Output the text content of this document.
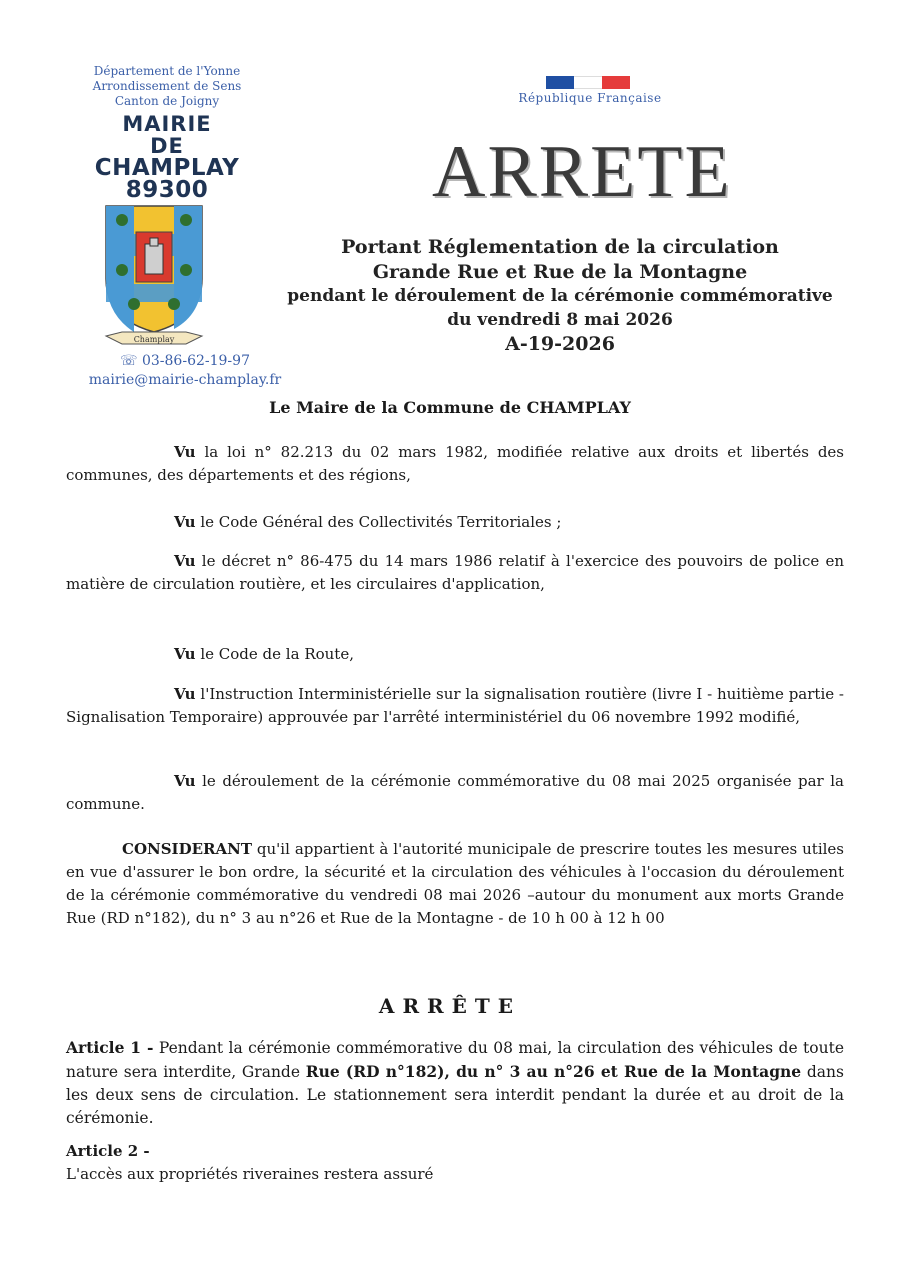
Département de l'Yonne
Arrondissement de Sens
Canton de Joigny
MAIRIE
DE
CHAMPLAY
89300
Champlay
☏ 03-86-62-19-97
mairie@mairie-champlay.fr
République Française
ARRETE
Portant Réglementation de la circulation
Grande Rue et Rue de la Montagne
pendant le déroulement de la cérémonie commémorative
du vendredi 8 mai 2026
A-19-2026
Le Maire de la Commune de CHAMPLAY
Vu la loi n° 82.213 du 02 mars 1982, modifiée relative aux droits et libertés des communes, des départements et des régions,
Vu le Code Général des Collectivités Territoriales ;
Vu le décret n° 86-475 du 14 mars 1986 relatif à l'exercice des pouvoirs de police en matière de circulation routière, et les circulaires d'application,
Vu le Code de la Route,
Vu l'Instruction Interministérielle sur la signalisation routière (livre I - huitième partie - Signalisation Temporaire) approuvée par l'arrêté interministériel du 06 novembre 1992 modifié,
Vu le déroulement de la cérémonie commémorative du 08 mai 2025 organisée par la commune.
CONSIDERANT qu'il appartient à l'autorité municipale de prescrire toutes les mesures utiles en vue d'assurer le bon ordre, la sécurité et la circulation des véhicules à l'occasion du déroulement de la cérémonie commémorative du vendredi 08 mai 2026 –autour du monument aux morts Grande Rue (RD n°182), du n° 3 au n°26 et Rue de la Montagne - de 10 h 00 à 12 h 00
ARRÊTE
Article 1 - Pendant la cérémonie commémorative du 08 mai, la circulation des véhicules de toute nature sera interdite, Grande Rue (RD n°182), du n° 3 au n°26 et Rue de la Montagne dans les deux sens de circulation. Le stationnement sera interdit pendant la durée et au droit de la cérémonie.
Article 2 -
L'accès aux propriétés riveraines restera assuré
